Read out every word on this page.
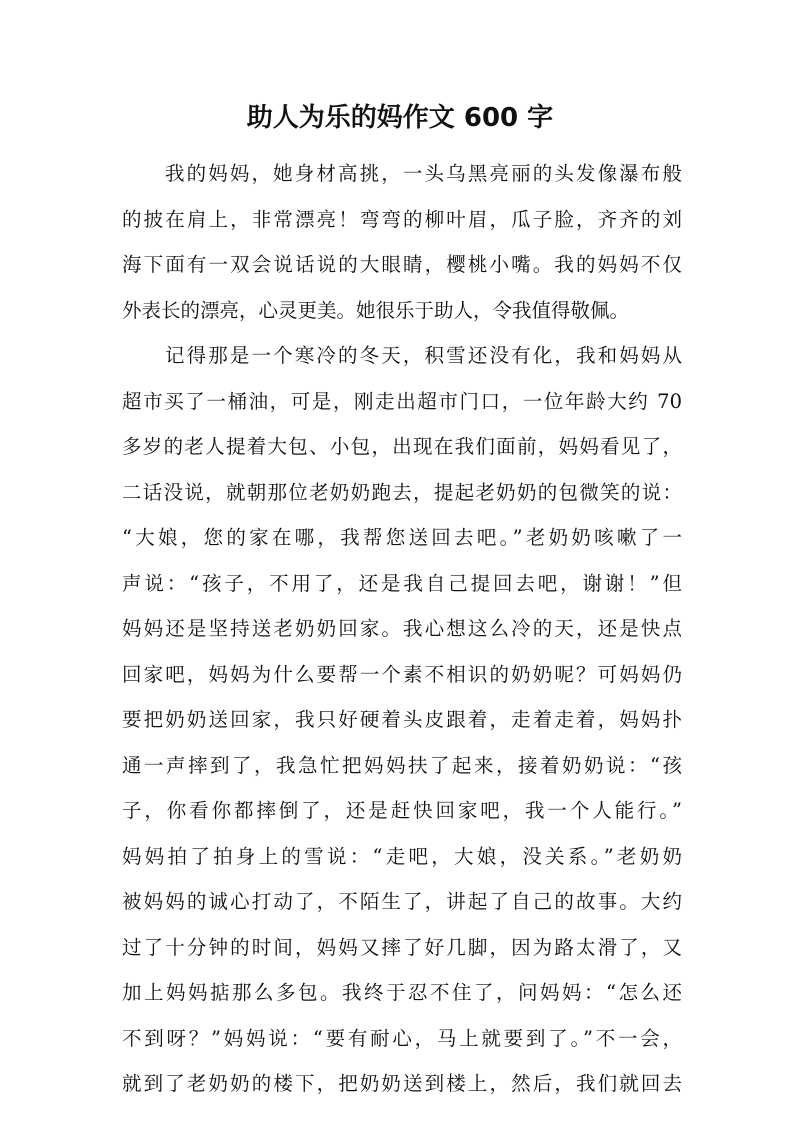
助人为乐的妈作文 600 字
我的妈妈，她身材高挑，一头乌黑亮丽的头发像瀑布般
的披在肩上，非常漂亮！弯弯的柳叶眉，瓜子脸，齐齐的刘
海下面有一双会说话说的大眼睛，樱桃小嘴。我的妈妈不仅
外表长的漂亮，心灵更美。她很乐于助人，令我值得敬佩。
记得那是一个寒冷的冬天，积雪还没有化，我和妈妈从
超市买了一桶油，可是，刚走出超市门口，一位年龄大约 70
多岁的老人提着大包、小包，出现在我们面前，妈妈看见了，
二话没说，就朝那位老奶奶跑去，提起老奶奶的包微笑的说：
“大娘，您的家在哪，我帮您送回去吧。”老奶奶咳嗽了一
声说：“孩子，不用了，还是我自己提回去吧，谢谢！”但
妈妈还是坚持送老奶奶回家。我心想这么冷的天，还是快点
回家吧，妈妈为什么要帮一个素不相识的奶奶呢？可妈妈仍
要把奶奶送回家，我只好硬着头皮跟着，走着走着，妈妈扑
通一声摔到了，我急忙把妈妈扶了起来，接着奶奶说：“孩
子，你看你都摔倒了，还是赶快回家吧，我一个人能行。”
妈妈拍了拍身上的雪说：“走吧，大娘，没关系。”老奶奶
被妈妈的诚心打动了，不陌生了，讲起了自己的故事。大约
过了十分钟的时间，妈妈又摔了好几脚，因为路太滑了，又
加上妈妈掂那么多包。我终于忍不住了，问妈妈：“怎么还
不到呀？”妈妈说：“要有耐心，马上就要到了。”不一会，
就到了老奶奶的楼下，把奶奶送到楼上，然后，我们就回去
